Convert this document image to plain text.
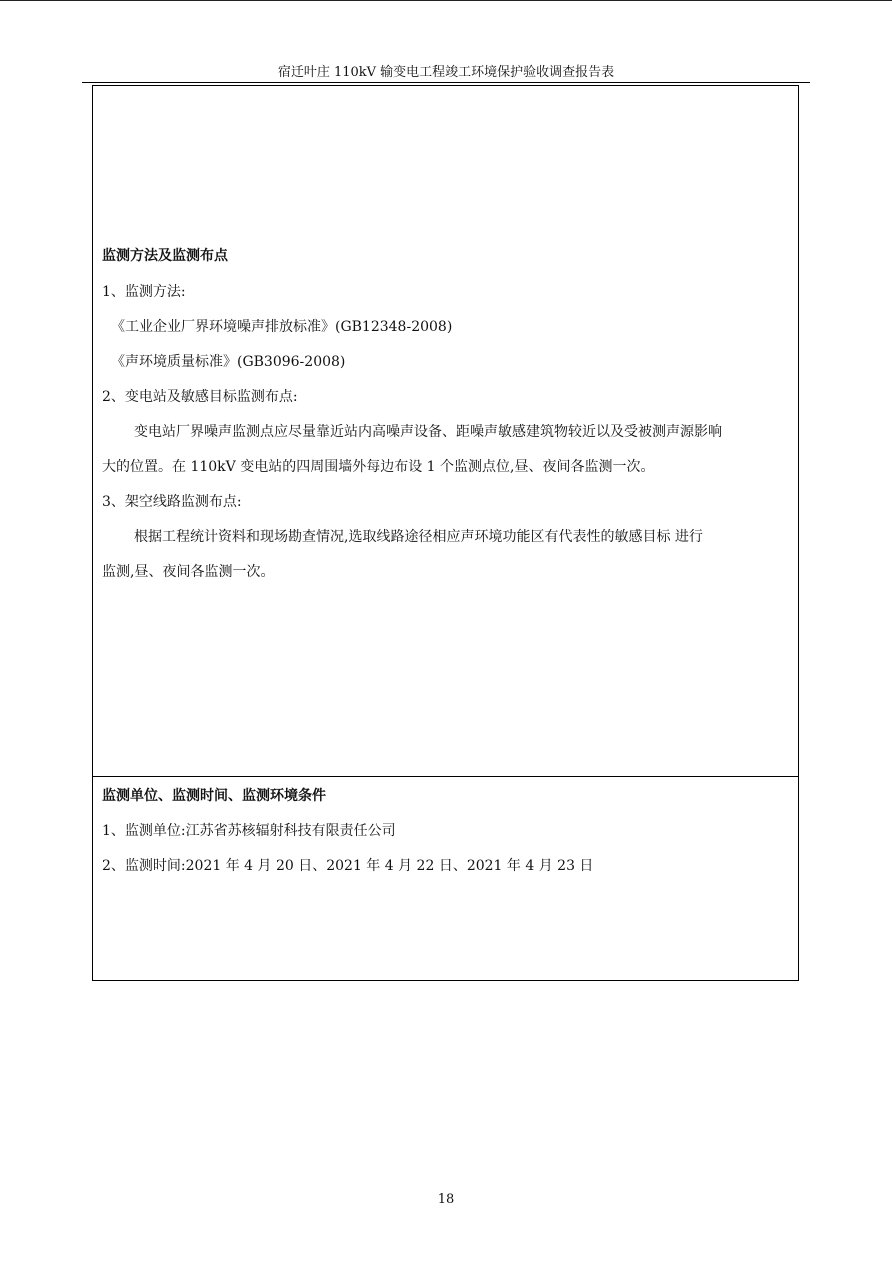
宿迁叶庄 110kV 输变电工程竣工环境保护验收调查报告表
监测方法及监测布点
1、监测方法:
《工业企业厂界环境噪声排放标准》(GB12348-2008)
《声环境质量标准》(GB3096-2008)
2、变电站及敏感目标监测布点:
变电站厂界噪声监测点应尽量靠近站内高噪声设备、距噪声敏感建筑物较近以及受被测声源影响
大的位置。在 110kV 变电站的四周围墙外每边布设 1 个监测点位,昼、夜间各监测一次。
3、架空线路监测布点:
根据工程统计资料和现场勘查情况,选取线路途径相应声环境功能区有代表性的敏感目标 进行
监测,昼、夜间各监测一次。
监测单位、监测时间、监测环境条件
1、监测单位:江苏省苏核辐射科技有限责任公司
2、监测时间:2021 年 4 月 20 日、2021 年 4 月 22 日、2021 年 4 月 23 日
18
